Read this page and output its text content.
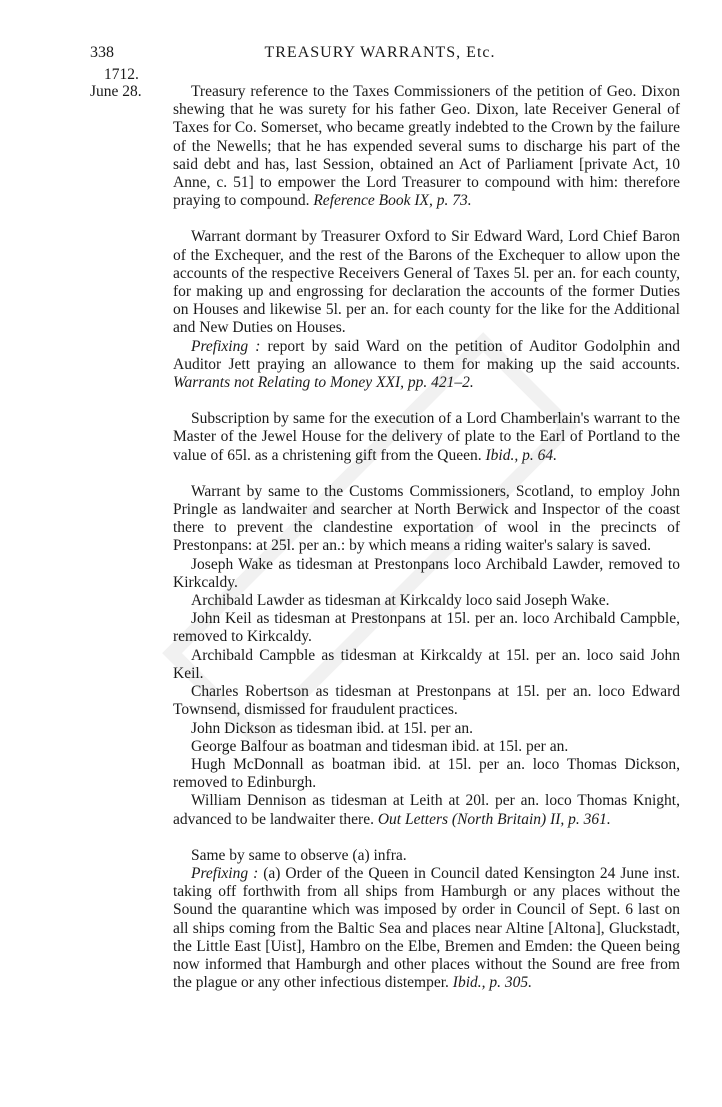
338	TREASURY WARRANTS, Etc.
1712.
June 28.	Treasury reference to the Taxes Commissioners of the petition of Geo. Dixon shewing that he was surety for his father Geo. Dixon, late Receiver General of Taxes for Co. Somerset, who became greatly indebted to the Crown by the failure of the Newells; that he has expended several sums to discharge his part of the said debt and has, last Session, obtained an Act of Parliament [private Act, 10 Anne, c. 51] to empower the Lord Treasurer to compound with him: therefore praying to compound. Reference Book IX, p. 73.

Warrant dormant by Treasurer Oxford to Sir Edward Ward, Lord Chief Baron of the Exchequer, and the rest of the Barons of the Exchequer to allow upon the accounts of the respective Receivers General of Taxes 5l. per an. for each county, for making up and engrossing for declaration the accounts of the former Duties on Houses and likewise 5l. per an. for each county for the like for the Additional and New Duties on Houses.

Prefixing : report by said Ward on the petition of Auditor Godolphin and Auditor Jett praying an allowance to them for making up the said accounts. Warrants not Relating to Money XXI, pp. 421–2.

Subscription by same for the execution of a Lord Chamberlain's warrant to the Master of the Jewel House for the delivery of plate to the Earl of Portland to the value of 65l. as a christening gift from the Queen. Ibid., p. 64.

Warrant by same to the Customs Commissioners, Scotland, to employ John Pringle as landwaiter and searcher at North Berwick and Inspector of the coast there to prevent the clandestine exportation of wool in the precincts of Prestonpans: at 25l. per an.: by which means a riding waiter's salary is saved.

Joseph Wake as tidesman at Prestonpans loco Archibald Lawder, removed to Kirkcaldy.

Archibald Lawder as tidesman at Kirkcaldy loco said Joseph Wake.

John Keil as tidesman at Prestonpans at 15l. per an. loco Archibald Campble, removed to Kirkcaldy.

Archibald Campble as tidesman at Kirkcaldy at 15l. per an. loco said John Keil.

Charles Robertson as tidesman at Prestonpans at 15l. per an. loco Edward Townsend, dismissed for fraudulent practices.

John Dickson as tidesman ibid. at 15l. per an.

George Balfour as boatman and tidesman ibid. at 15l. per an.

Hugh McDonnall as boatman ibid. at 15l. per an. loco Thomas Dickson, removed to Edinburgh.

William Dennison as tidesman at Leith at 20l. per an. loco Thomas Knight, advanced to be landwaiter there. Out Letters (North Britain) II, p. 361.

Same by same to observe (a) infra.

Prefixing : (a) Order of the Queen in Council dated Kensington 24 June inst. taking off forthwith from all ships from Hamburgh or any places without the Sound the quarantine which was imposed by order in Council of Sept. 6 last on all ships coming from the Baltic Sea and places near Altine [Altona], Gluckstadt, the Little East [Uist], Hambro on the Elbe, Bremen and Emden: the Queen being now informed that Hamburgh and other places without the Sound are free from the plague or any other infectious distemper. Ibid., p. 305.
